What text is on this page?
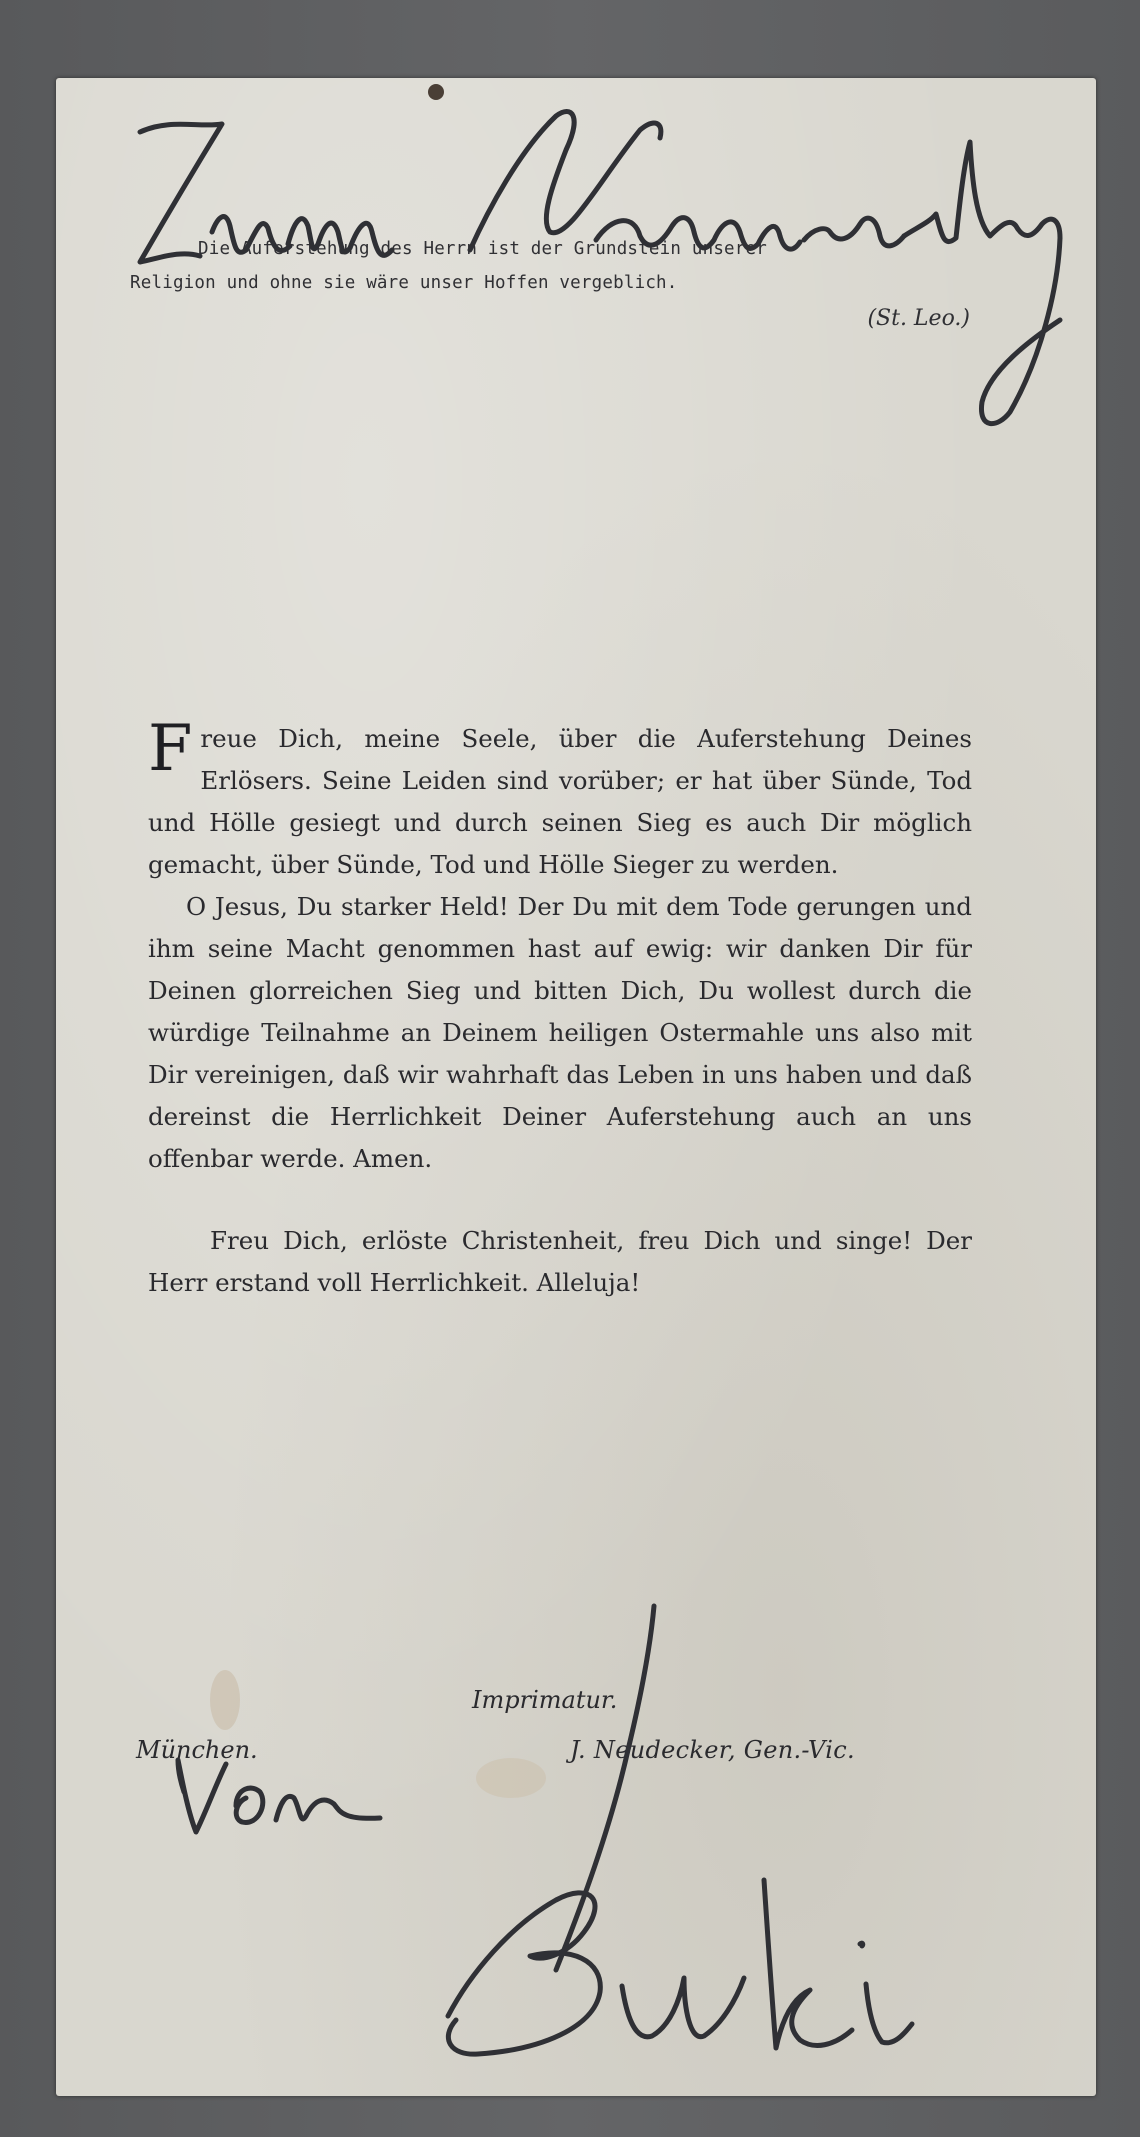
Die Auferstehung des Herrn ist der Grundstein unserer

Religion und ohne sie wäre unser Hoffen vergeblich.

(St. Leo.)

Freue Dich, meine Seele, über die Auferstehung Deines Erlösers. Seine Leiden sind vorüber; er hat über Sünde, Tod und Hölle gesiegt und durch seinen Sieg es auch Dir möglich gemacht, über Sünde, Tod und Hölle Sieger zu werden.

O Jesus, Du starker Held! Der Du mit dem Tode gerungen und ihm seine Macht genommen hast auf ewig: wir danken Dir für Deinen glorreichen Sieg und bitten Dich, Du wollest durch die würdige Teilnahme an Deinem heiligen Ostermahle uns also mit Dir vereinigen, daß wir wahrhaft das Leben in uns haben und daß dereinst die Herrlichkeit Deiner Auferstehung auch an uns offenbar werde. Amen.

Freu Dich, erlöste Christenheit, freu Dich und singe! Der Herr erstand voll Herrlichkeit. Alleluja!

Imprimatur.
München.	J. Neudecker, Gen.-Vic.
